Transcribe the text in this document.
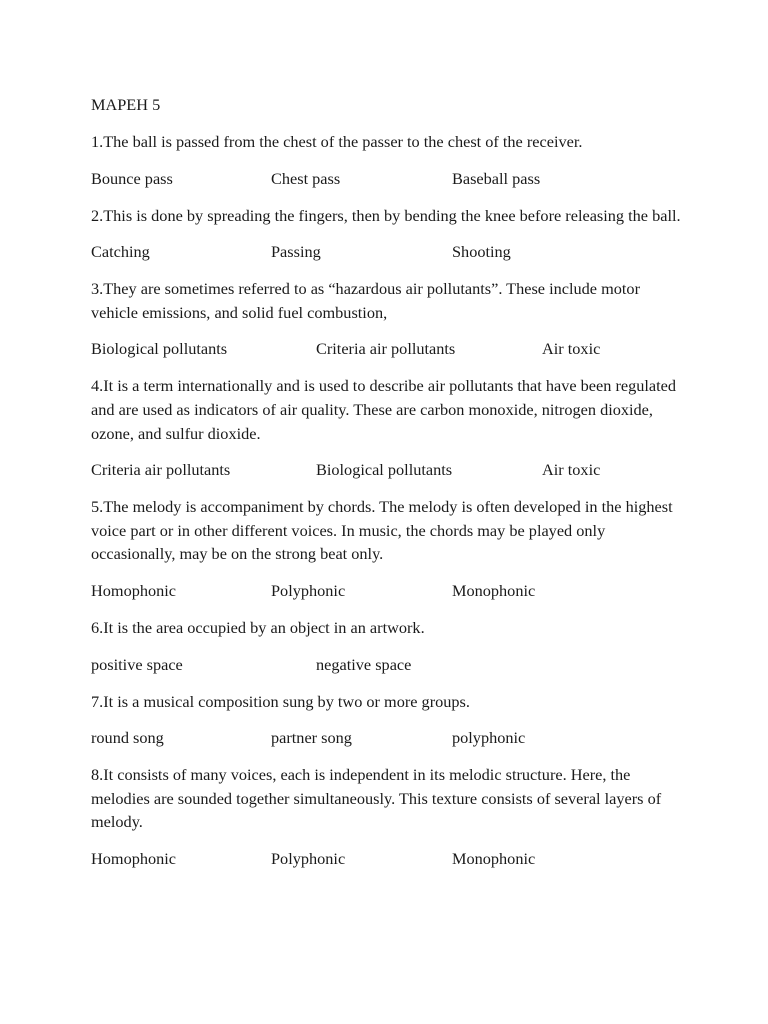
MAPEH 5
1.The ball is passed from the chest of the passer to the chest of the receiver.
Bounce pass	Chest pass	Baseball pass
2.This is done by spreading the fingers, then by bending the knee before releasing the ball.
Catching	Passing	Shooting
3.They are sometimes referred to as “hazardous air pollutants”. These include motor vehicle emissions, and solid fuel combustion,
Biological pollutants	Criteria air pollutants	Air toxic
4.It is a term internationally and is used to describe air pollutants that have been regulated and are used as indicators of air quality. These are carbon monoxide, nitrogen dioxide, ozone, and sulfur dioxide.
Criteria air pollutants	Biological pollutants	Air toxic
5.The melody is accompaniment by chords. The melody is often developed in the highest voice part or in other different voices. In music, the chords may be played only occasionally, may be on the strong beat only.
Homophonic	Polyphonic	Monophonic
6.It is the area occupied by an object in an artwork.
positive space	negative space
7.It is a musical composition sung by two or more groups.
round song	partner song	polyphonic
8.It consists of many voices, each is independent in its melodic structure. Here, the melodies are sounded together simultaneously. This texture consists of several layers of melody.
Homophonic	Polyphonic	Monophonic
